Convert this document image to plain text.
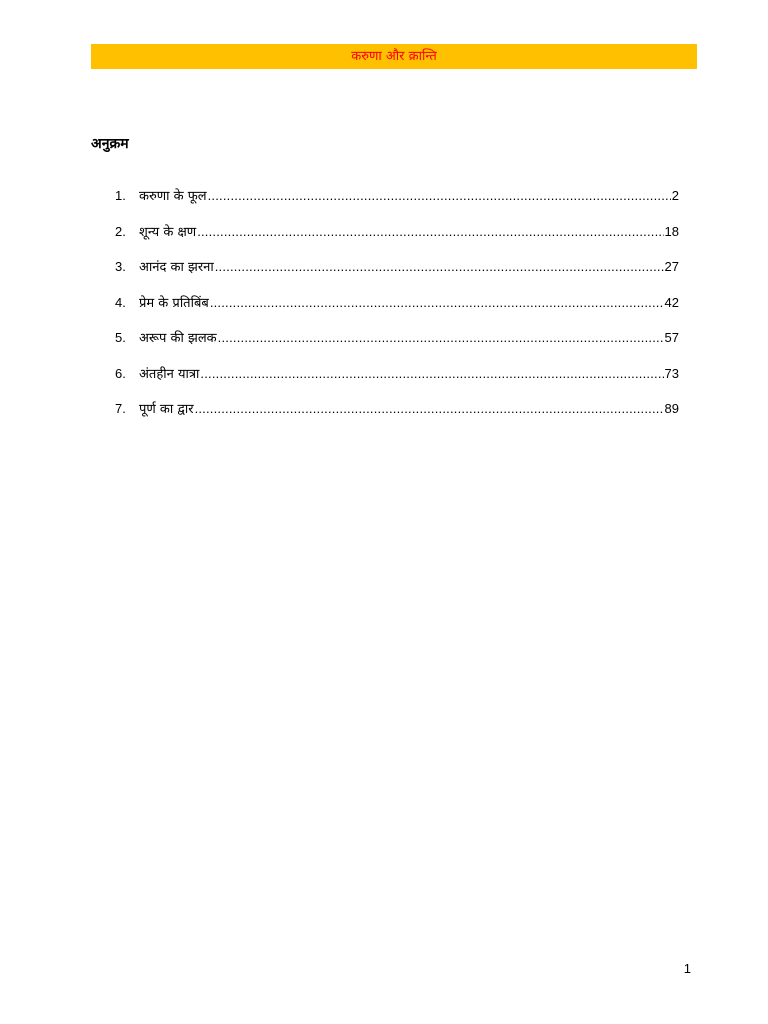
करुणा और क्रान्ति
अनुक्रम
1.	करुणा के फूल .....	2
2.	शून्य के क्षण .....	18
3.	आनंद का झरना .....	27
4.	प्रेम के प्रतिबिंब .....	42
5.	अरूप की झलक .....	57
6.	अंतहीन यात्रा .....	73
7.	पूर्ण का द्वार .....	89
1
